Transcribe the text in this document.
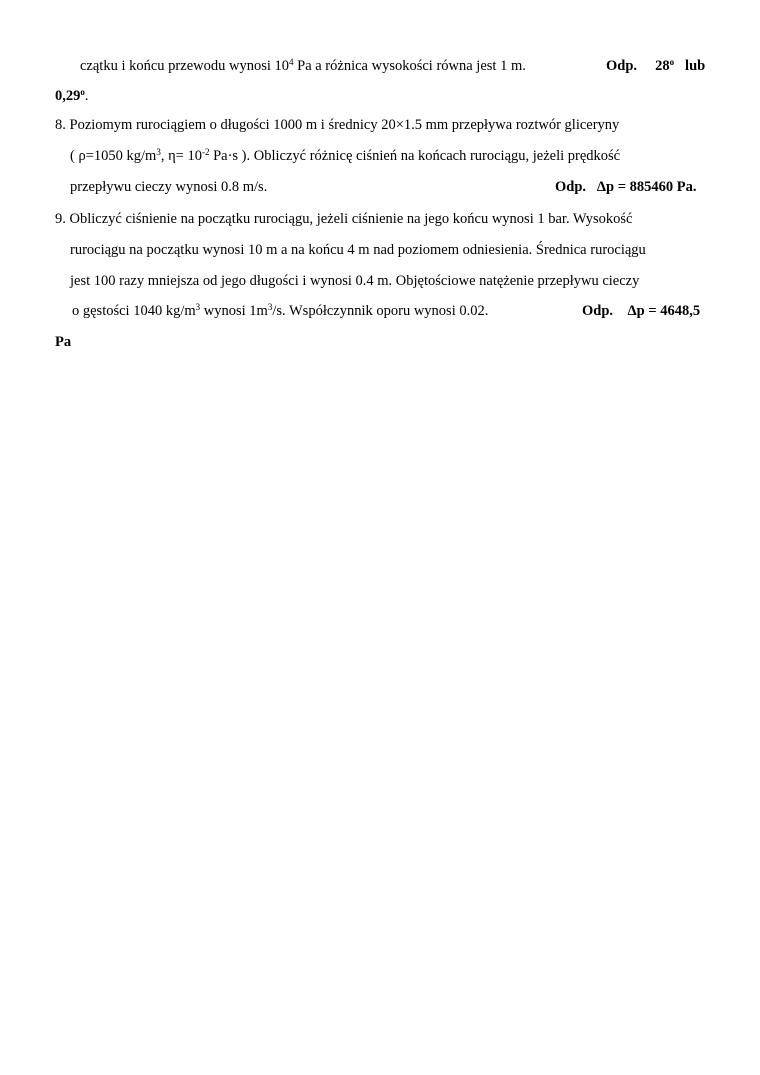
czątku i końcu przewodu wynosi $10^4$ Pa a różnica wysokości równa jest 1 m.	Odp. 28$^o$ lub
0,29$^o$.
8. Poziomym rurociągiem o długości 1000 m i średnicy 20×1.5 mm przepływa roztwór gliceryny
( ρ=1050 $kg/m^3$, $\eta= 10^{-2}$ Pa·s ). Obliczyć różnicę ciśnień na końcach rurociągu, jeżeli prędkość
przepływu cieczy wynosi 0.8 m/s.	Odp. Δp = 885460 Pa.
9. Obliczyć ciśnienie na początku rurociągu, jeżeli ciśnienie na jego końcu wynosi 1 bar. Wysokość
rurociągu na początku wynosi 10 m a na końcu 4 m nad poziomem odniesienia. Średnica rurociągu
jest 100 razy mniejsza od jego długości i wynosi 0.4 m. Objętościowe natężenie przepływu cieczy
o gęstości 1040 $kg/m^3$ wynosi $1m^3/s$. Współczynnik oporu wynosi 0.02.	Odp. Δp = 4648,5
Pa
